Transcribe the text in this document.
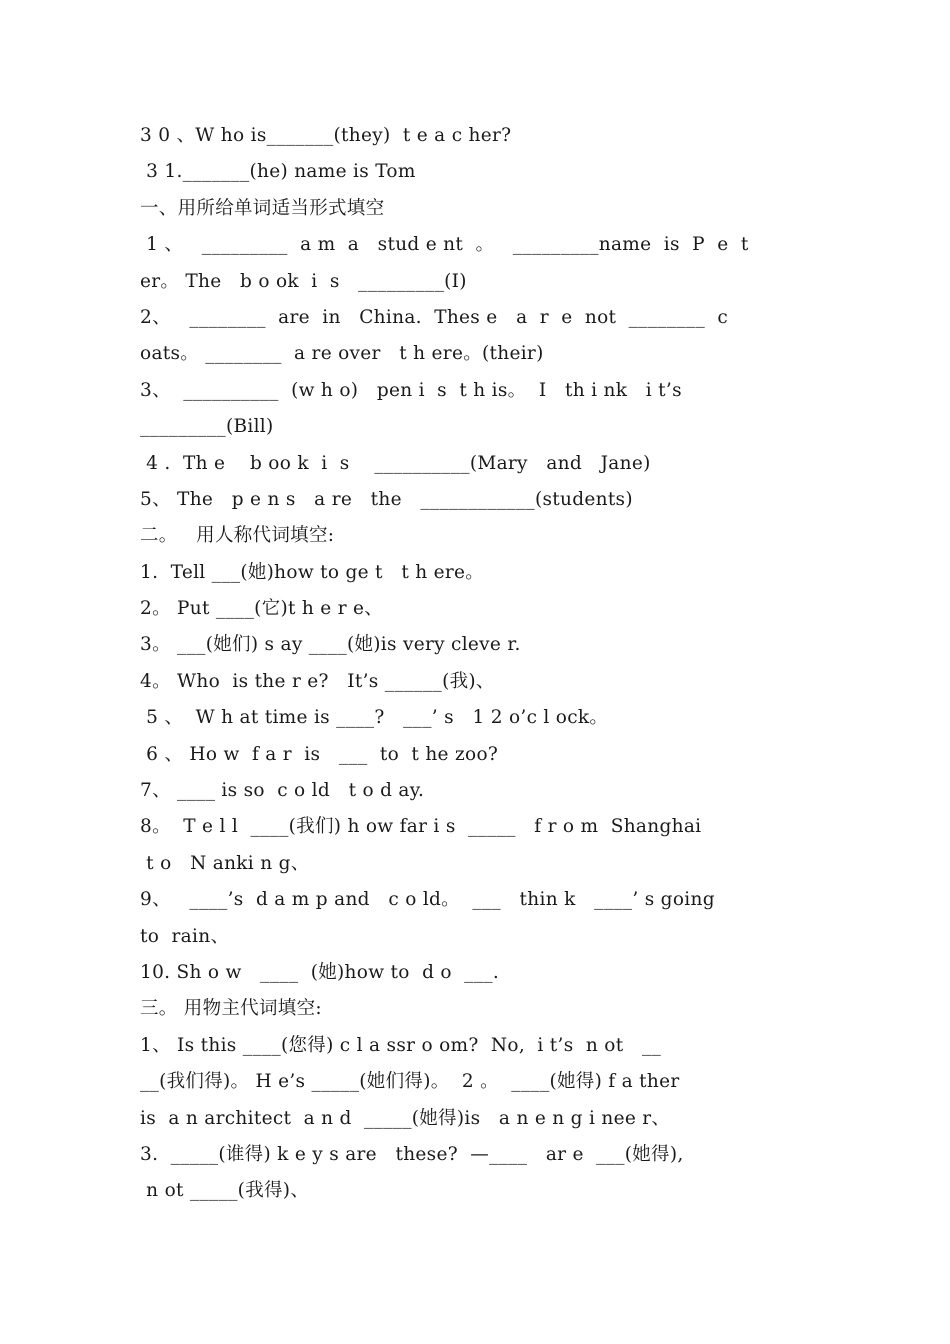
3 0 、W ho is_______(they)  t e a c her?
3 1._______(he) name is Tom
一、用所给单词适当形式填空
1 、   _________  a m  a   stud e nt  。   _________name  is  P  e  t
er。 The   b o ok  i  s   _________(I)
2、   ________  are  in   China.  Thes e   a  r  e  not  ________  c
oats。 ________  a re over   t h ere。(their)
3、  __________  (w h o)   pen i  s  t h is。  I   th i nk   i t’s
_________(Bill)
4 .  Th e    b oo k  i  s    __________(Mary   and   Jane)
5、 The   p e n s   a re   the   ____________(students)
二。   用人称代词填空:
1.  Tell ___(她)how to ge t   t h ere。
2。 Put ____(它)t h e r e、
3。 ___(她们) s ay ____(她)is very cleve r.
4。 Who  is the r e?   It’s ______(我)、
5 、  W h at time is ____?   ___’ s   1 2 o’c l ock。
6 、 Ho w  f a r  is   ___  to  t he zoo?
7、 ____ is so  c o ld   t o d ay.
8。  T e l l  ____(我们) h ow far i s  _____   f r o m  Shanghai
t o   N anki n g、
9、   ____’s  d a m p and   c o ld。  ___   thin k   ____’ s going
to  rain、
10. Sh o w   ____  (她)how to  d o  ___.
三。 用物主代词填空:
1、 Is this ____(您得) c l a ssr o om?  No,  i t’s  n ot   __
__(我们得)。 H e’s _____(她们得)。  2 。  ____(她得) f a ther
is  a n architect  a n d  _____(她得)is   a n e n g i nee r、
3.  _____(谁得) k e y s are   these?  —____   ar e  ___(她得),
n ot _____(我得)、
